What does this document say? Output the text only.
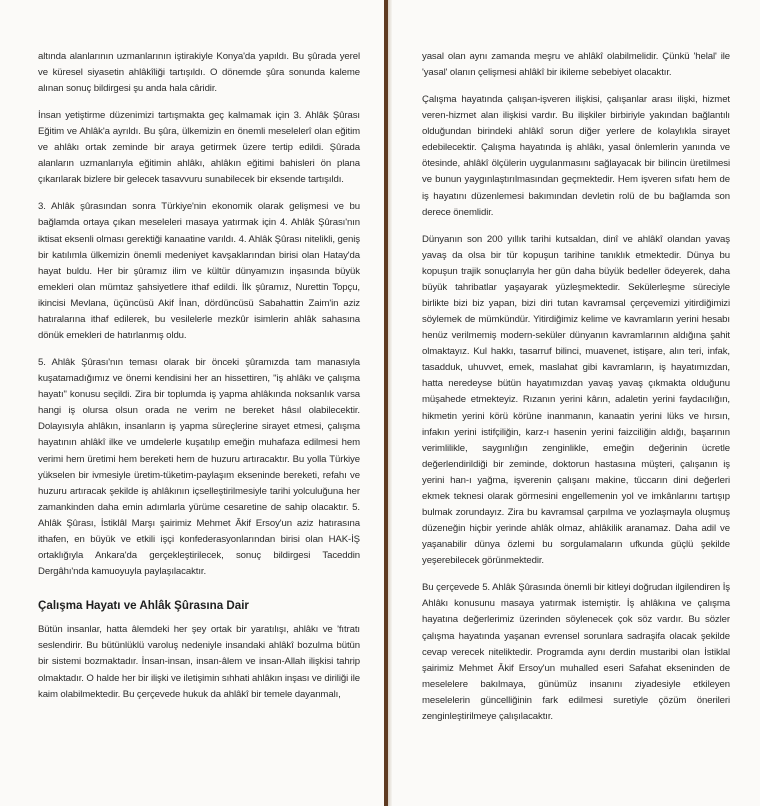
altında alanlarının uzmanlarının iştirakiyle Konya'da yapıldı. Bu şûrada yerel ve küresel siyasetin ahlâkîliği tartışıldı. O dönemde şûra sonunda kaleme alınan sonuç bildirgesi şu anda hala câridir.

İnsan yetiştirme düzenimizi tartışmakta geç kalmamak için 3. Ahlâk Şûrası Eğitim ve Ahlâk'a ayrıldı. Bu şûra, ülkemizin en önemli meselelerî olan eğitim ve ahlâkı ortak zeminde bir araya getirmek üzere tertip edildi. Şûrada alanların uzmanlarıyla eğitimin ahlâkı, ahlâkın eğitimi bahisleri ön plana çıkarılarak bizlere bir gelecek tasavvuru sunabilecek bir eksende tartışıldı.

3. Ahlâk şûrasından sonra Türkiye'nin ekonomik olarak gelişmesi ve bu bağlamda ortaya çıkan meseleleri masaya yatırmak için 4. Ahlâk Şûrası'nın iktisat eksenli olması gerektiği kanaatine varıldı. 4. Ahlâk Şûrası nitelikli, geniş bir katılımla ülkemizin önemli medeniyet kavşaklarından birisi olan Hatay'da hayat buldu. Her bir şûramız ilim ve kültür dünyamızın inşasında büyük emekleri olan mümtaz şahsiyetlere ithaf edildi. İlk şûramız, Nurettin Topçu, ikincisi Mevlana, üçüncüsü Akif İnan, dördüncüsü Sabahattin Zaim'in aziz hatıralarına ithaf edilerek, bu vesilelerle mezkûr isimlerin ahlâk sahasına dönük emekleri de hatırlanmış oldu.

5. Ahlâk Şûrası'nın teması olarak bir önceki şûramızda tam manasıyla kuşatamadığımız ve önemi kendisini her an hissettiren, "iş ahlâkı ve çalışma hayatı" konusu seçildi. Zira bir toplumda iş yapma ahlâkında noksanlık varsa hangi iş olursa olsun orada ne verim ne bereket hâsıl olabilecektir. Dolayısıyla ahlâkın, insanların iş yapma süreçlerine sirayet etmesi, çalışma hayatının ahlâkî ilke ve umdelerle kuşatılıp emeğin muhafaza edilmesi hem verimi hem üretimi hem bereketi hem de huzuru artıracaktır. Bu yolla Türkiye yükselen bir ivmesiyle üretim-tüketim-paylaşım ekseninde bereketi, refahı ve huzuru artıracak şekilde iş ahlâkının içselleştirilmesiyle tarihi yolculuğuna her zamankinden daha emin adımlarla yürüme cesaretine de sahip olacaktır. 5. Ahlâk Şûrası, İstiklâl Marşı şairimiz Mehmet Âkif Ersoy'un aziz hatırasına ithafen, en büyük ve etkili işçi konfederasyonlarından birisi olan HAK-İŞ ortaklığıyla Ankara'da gerçekleştirilecek, sonuç bildirgesi Taceddin Dergâhı'nda kamuoyuyla paylaşılacaktır.

Çalışma Hayatı ve Ahlâk Şûrasına Dair

Bütün insanlar, hatta âlemdeki her şey ortak bir yaratılışı, ahlâkı ve 'fıtratı seslendirir. Bu bütünlüklü varoluş nedeniyle insandaki ahlâkî bozulma bütün bir sistemi bozmaktadır. İnsan-insan, insan-âlem ve insan-Allah ilişkisi tahrip olmaktadır. O halde her bir ilişki ve iletişimin sıhhati ahlâkın inşası ve diriliği ile kaim olabilmektedir. Bu çerçevede hukuk da ahlâkî bir temele dayanmalı,

yasal olan aynı zamanda meşru ve ahlâkî olabilmelidir. Çünkü 'helal' ile 'yasal' olanın çelişmesi ahlâkî bir ikileme sebebiyet olacaktır.

Çalışma hayatında çalışan-işveren ilişkisi, çalışanlar arası ilişki, hizmet veren-hizmet alan ilişkisi vardır. Bu ilişkiler birbiriyle yakından bağlantılı olduğundan birindeki ahlâkî sorun diğer yerlere de kolaylıkla sirayet edebilecektir. Çalışma hayatında iş ahlâkı, yasal önlemlerin yanında ve ötesinde, ahlâkî ölçülerin uygulanmasını sağlayacak bir bilincin üretilmesi ve bunun yaygınlaştırılmasından geçmektedir. Hem işveren sıfatı hem de iş hayatını düzenlemesi bakımından devletin rolü de bu bağlamda son derece önemlidir.

Dünyanın son 200 yıllık tarihi kutsaldan, dinî ve ahlâkî olandan yavaş yavaş da olsa bir tür kopuşun tarihine tanıklık etmektedir. Dünya bu kopuşun trajik sonuçlarıyla her gün daha büyük bedeller ödeyerek, daha büyük tahribatlar yaşayarak yüzleşmektedir. Sekülerleşme süreciyle birlikte bizi biz yapan, bizi diri tutan kavramsal çerçevemizi yitirdiğimizi söylemek de mümkündür. Yitirdiğimiz kelime ve kavramların yerini hesabı henüz verilmemiş modern-seküler dünyanın kavramlarının aldığına şahit olmaktayız. Kul hakkı, tasarruf bilinci, muavenet, istişare, alın teri, infak, tasadduk, uhuvvet, emek, maslahat gibi kavramların, iş hayatımızdan, hatta neredeyse bütün hayatımızdan yavaş yavaş çıkmakta olduğunu müşahede etmekteyiz. Rızanın yerini kârın, adaletin yerini faydacılığın, hikmetin yerini körü körüne inanmanın, kanaatin yerini lüks ve hırsın, infakın yerini istifçiliğin, karz-ı hasenin yerini faizciliğin aldığı, başarının verimlilikle, saygınlığın zenginlikle, emeğin değerinin ücretle değerlendirildiği bir zeminde, doktorun hastasına müşteri, çalışanın iş yerini han-ı yağma, işverenin çalışanı makine, tüccarın dini değerleri ekmek teknesi olarak görmesini engellemenin yol ve imkânlarını tartışıp bulmak zorundayız. Zira bu kavramsal çarpılma ve yozlaşmayla oluşmuş düzeneğin hiçbir yerinde ahlâk olmaz, ahlâkilik aranamaz. Daha adil ve yaşanabilir dünya özlemi bu sorgulamaların ufkunda güçlü şekilde yeşerebilecek görünmektedir.

Bu çerçevede 5. Ahlâk Şûrasında önemli bir kitleyi doğrudan ilgilendiren İş Ahlâkı konusunu masaya yatırmak istemiştir. İş ahlâkına ve çalışma hayatına değerlerimiz üzerinden söylenecek çok söz vardır. Bu sözler çalışma hayatında yaşanan evrensel sorunlara sadraşifa olacak şekilde cevap verecek niteliktedir. Programda aynı derdin mustaribi olan İstiklal şairimiz Mehmet Âkif Ersoy'un muhalled eseri Safahat ekseninden de meselelere bakılmaya, günümüz insanını ziyadesiyle etkileyen meselelerin güncelliğinin fark edilmesi suretiyle çözüm önerileri zenginleştirilmeye çalışılacaktır.
